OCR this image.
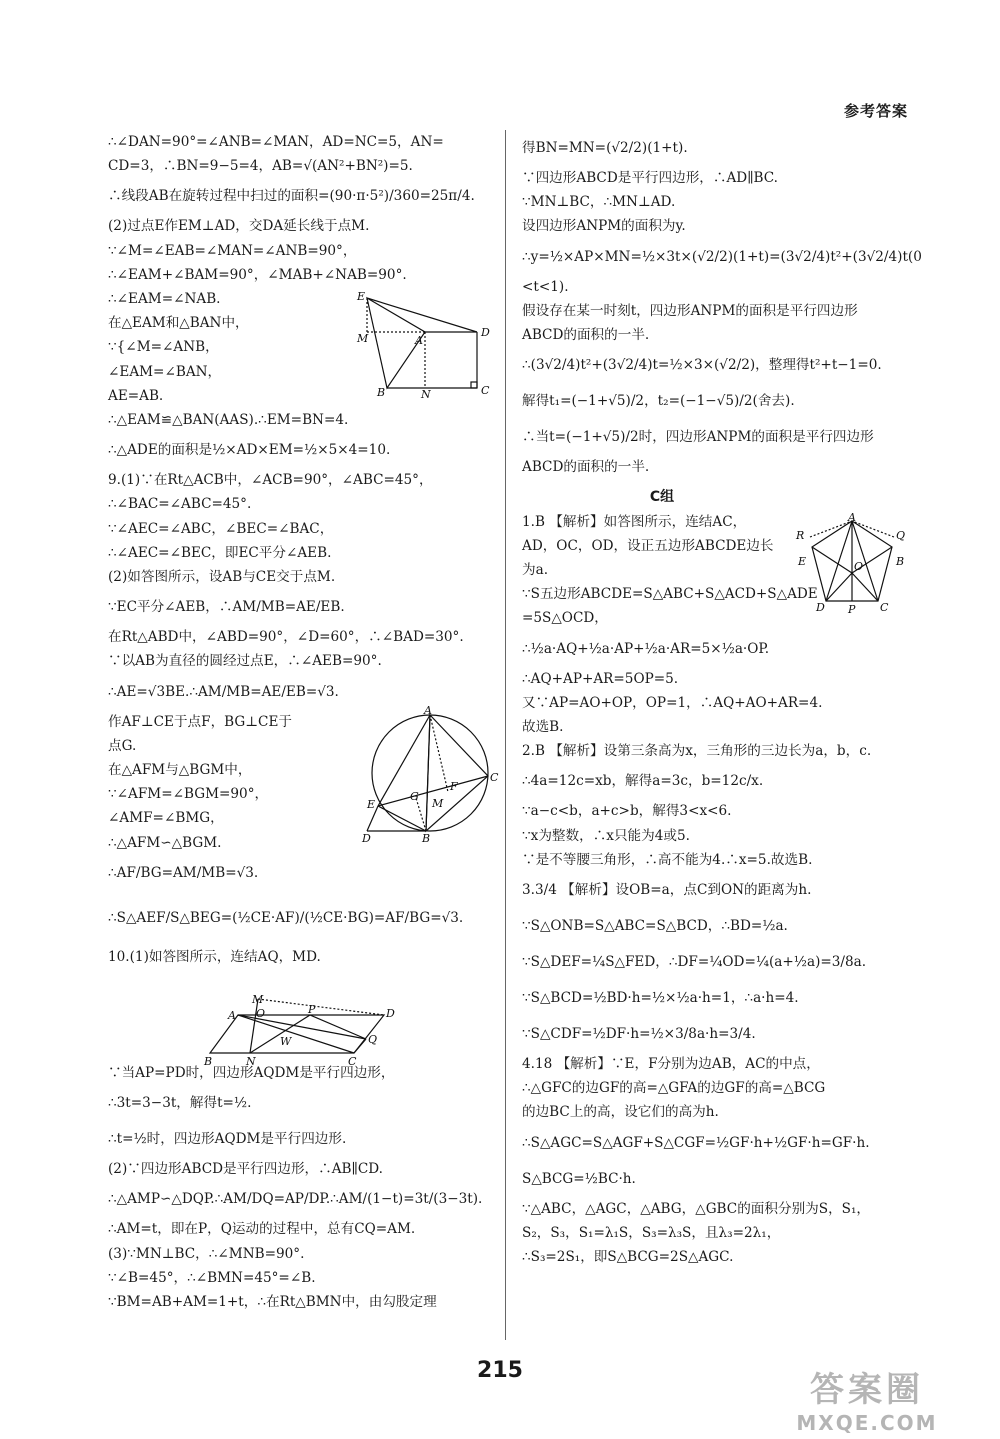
参考答案
∴∠DAN=90°=∠ANB=∠MAN，AD=NC=5，AN=
CD=3，∴BN=9−5=4，AB=√(AN²+BN²)=5.
∴线段AB在旋转过程中扫过的面积=(90·π·5²)/360=25π/4.
(2)过点E作EM⊥AD，交DA延长线于点M.
∵∠M=∠EAB=∠MAN=∠ANB=90°，
∴∠EAM+∠BAM=90°，∠MAB+∠NAB=90°.
∴∠EAM=∠NAB.
在△EAM和△BAN中，
∵{∠M=∠ANB，
∠EAM=∠BAN，
AE=AB.
∴△EAM≌△BAN(AAS).∴EM=BN=4.
∴△ADE的面积是½×AD×EM=½×5×4=10.
9.(1)∵在Rt△ACB中，∠ACB=90°，∠ABC=45°，
∴∠BAC=∠ABC=45°.
∵∠AEC=∠ABC，∠BEC=∠BAC，
∴∠AEC=∠BEC，即EC平分∠AEB.
(2)如答图所示，设AB与CE交于点M.
∵EC平分∠AEB，∴AM/MB=AE/EB.
在Rt△ABD中，∠ABD=90°，∠D=60°，∴∠BAD=30°.
∵以AB为直径的圆经过点E，∴∠AEB=90°.
∴AE=√3BE.∴AM/MB=AE/EB=√3.
作AF⊥CE于点F，BG⊥CE于
点G.
在△AFM与△BGM中，
∵∠AFM=∠BGM=90°，
∠AMF=∠BMG，
∴△AFM∽△BGM.
∴AF/BG=AM/MB=√3.
∴S△AEF/S△BEG=(½CE·AF)/(½CE·BG)=AF/BG=√3.
10.(1)如答图所示，连结AQ，MD.
∵当AP=PD时，四边形AQDM是平行四边形，
∴3t=3−3t，解得t=½.
∴t=½时，四边形AQDM是平行四边形.
(2)∵四边形ABCD是平行四边形，∴AB∥CD.
∴△AMP∽△DQP.∴AM/DQ=AP/DP.∴AM/(1−t)=3t/(3−3t).
∴AM=t，即在P，Q运动的过程中，总有CQ=AM.
(3)∵MN⊥BC，∴∠MNB=90°.
∵∠B=45°，∴∠BMN=45°=∠B.
∵BM=AB+AM=1+t，∴在Rt△BMN中，由勾股定理
得BN=MN=(√2/2)(1+t).
∵四边形ABCD是平行四边形，∴AD∥BC.
∵MN⊥BC，∴MN⊥AD.
设四边形ANPM的面积为y.
∴y=½×AP×MN=½×3t×(√2/2)(1+t)=(3√2/4)t²+(3√2/4)t(0
<t<1).
假设存在某一时刻t，四边形ANPM的面积是平行四边形
ABCD的面积的一半.
∴(3√2/4)t²+(3√2/4)t=½×3×(√2/2)，整理得t²+t−1=0.
解得t₁=(−1+√5)/2，t₂=(−1−√5)/2(舍去).
∴当t=(−1+√5)/2时，四边形ANPM的面积是平行四边形
ABCD的面积的一半.
C组
1.B 【解析】如答图所示，连结AC，
AD，OC，OD，设正五边形ABCDE边长
为a.
∵S五边形ABCDE=S△ABC+S△ACD+S△ADE
=5S△OCD，
∴½a·AQ+½a·AP+½a·AR=5×½a·OP.
∴AQ+AP+AR=5OP=5.
又∵AP=AO+OP，OP=1，∴AQ+AO+AR=4.
故选B.
2.B 【解析】设第三条高为x，三角形的三边长为a，b，c.
∴4a=12c=xb，解得a=3c，b=12c/x.
∵a−c<b，a+c>b，解得3<x<6.
∵x为整数，∴x只能为4或5.
∵是不等腰三角形，∴高不能为4.∴x=5.故选B.
3.3/4 【解析】设OB=a，点C到ON的距离为h.
∵S△ONB=S△ABC=S△BCD，∴BD=½a.
∵S△DEF=¼S△FED，∴DF=¼OD=¼(a+½a)=3/8a.
∵S△BCD=½BD·h=½×½a·h=1，∴a·h=4.
∵S△CDF=½DF·h=½×3/8a·h=3/4.
4.18 【解析】∵E，F分别为边AB，AC的中点，
∴△GFC的边GF的高=△GFA的边GF的高=△BCG
的边BC上的高，设它们的高为h.
∴S△AGC=S△AGF+S△CGF=½GF·h+½GF·h=GF·h.
S△BCG=½BC·h.
∵△ABC，△AGC，△ABG，△GBC的面积分别为S，S₁，
S₂，S₃，S₁=λ₁S，S₃=λ₃S，且λ₃=2λ₁，
∴S₃=2S₁，即S△BCG=2S△AGC.
E
M	A
D
B	N	C
A
C
E
G
F
M
D	B
M
A O	P	D
B	N
W
C
Q
A
R	Q
E	O	B
D P C
215	答案圈
MXQE.COM
